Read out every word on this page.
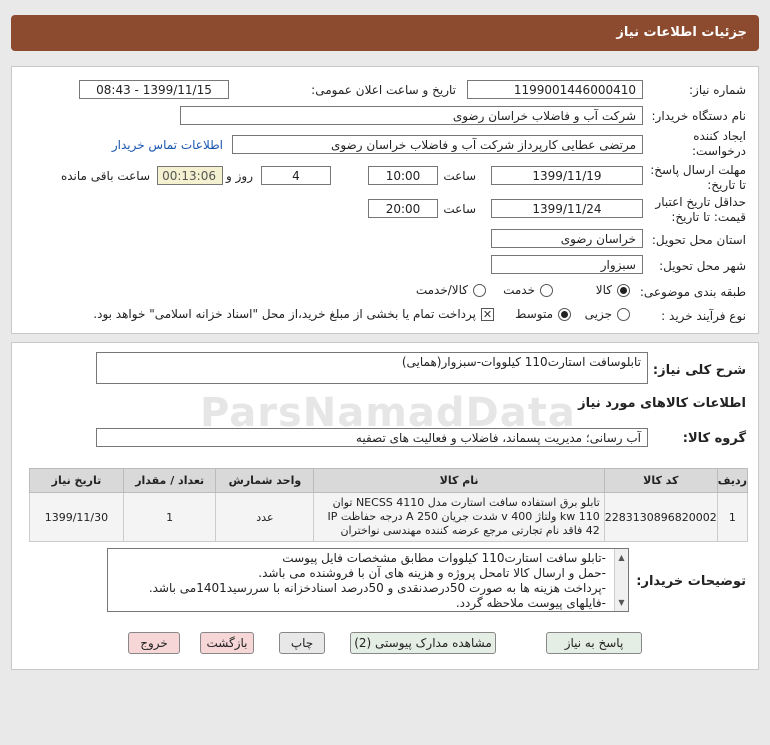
جزئیات اطلاعات نیاز
شماره نیاز:
1199001446000410
تاریخ و ساعت اعلان عمومی:
1399/11/15 - 08:43
نام دستگاه خریدار:
شرکت آب و فاضلاب خراسان رضوی
ایجاد کننده درخواست:
مرتضی عطایی کارپرداز شرکت آب و فاضلاب خراسان رضوی
اطلاعات تماس خریدار
مهلت ارسال پاسخ: تا تاریخ:
1399/11/19
ساعت
10:00
4
روز و
00:13:06
ساعت باقی مانده
حداقل تاریخ اعتبار قیمت: تا تاریخ:
1399/11/24
ساعت
20:00
استان محل تحویل:
خراسان رضوی
شهر محل تحویل:
سبزوار
طبقه بندی موضوعی:
کالا
خدمت
کالا/خدمت
نوع فرآیند خرید :
جزیی
متوسط
✕
پرداخت تمام یا بخشی از مبلغ خرید،از محل "اسناد خزانه اسلامی" خواهد بود.
شرح کلی نیاز:
تابلوسافت استارت110 کیلووات-سبزوار(همایی)
اطلاعات کالاهای مورد نیاز
گروه کالا:
آب رسانی؛ مدیریت پسماند، فاضلاب و فعالیت های تصفیه
ردیف	کد کالا	نام کالا	واحد شمارش	تعداد / مقدار	تاریخ نیاز
1	2283130896820002	تابلو برق استفاده سافت استارت مدل NECSS 4110 توان 110 kw ولتاژ 400 v شدت جریان 250 A درجه حفاظت IP 42 فاقد نام تجارتی مرجع عرضه کننده مهندسی نواختران	عدد	1	1399/11/30
توضیحات خریدار:
-تابلو سافت استارت110 کیلووات مطابق مشخصات فایل پیوست
-حمل و ارسال کالا تامحل پروژه و هزینه های آن با فروشنده می باشد.
-پرداخت هزینه ها به صورت 50درصدنقدی و 50درصد اسنادخزانه با سررسید1401می باشد.
-فایلهای پیوست ملاحظه گردد.
▲
▼
ParsNamadData
پاسخ به نیاز
مشاهده مدارک پیوستی (2)
چاپ
بازگشت
خروج
